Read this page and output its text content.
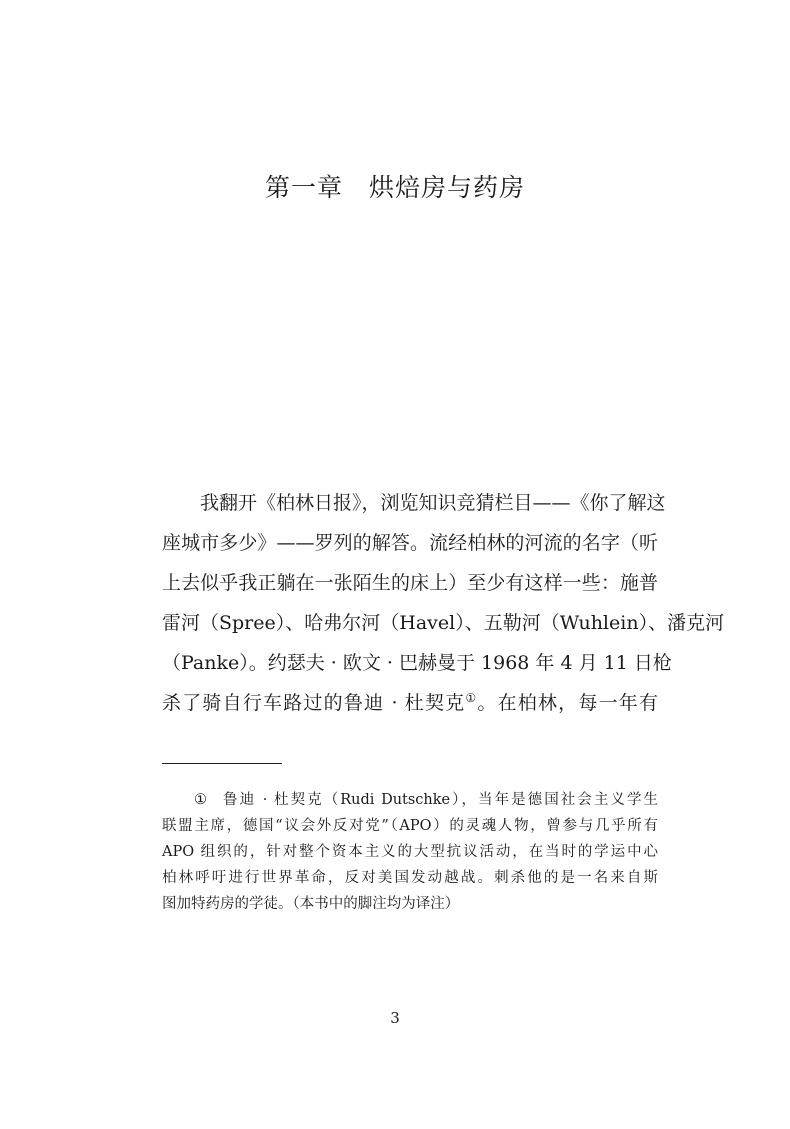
第一章　烘焙房与药房
我翻开《柏林日报》，浏览知识竞猜栏目——《你了解这
座城市多少》——罗列的解答。流经柏林的河流的名字（听
上去似乎我正躺在一张陌生的床上）至少有这样一些：施普
雷河（Spree）、哈弗尔河（Havel）、五勒河（Wuhlein）、潘克河
（Panke）。约瑟夫 · 欧文 · 巴赫曼于 1968 年 4 月 11 日枪
杀了骑自行车路过的鲁迪 · 杜契克①。在柏林，每一年有
① 鲁迪 · 杜契克（Rudi Dutschke），当年是德国社会主义学生
联盟主席，德国“议会外反对党”（APO）的灵魂人物，曾参与几乎所有
APO 组织的，针对整个资本主义的大型抗议活动，在当时的学运中心
柏林呼吁进行世界革命，反对美国发动越战。刺杀他的是一名来自斯
图加特药房的学徒。（本书中的脚注均为译注）
3
